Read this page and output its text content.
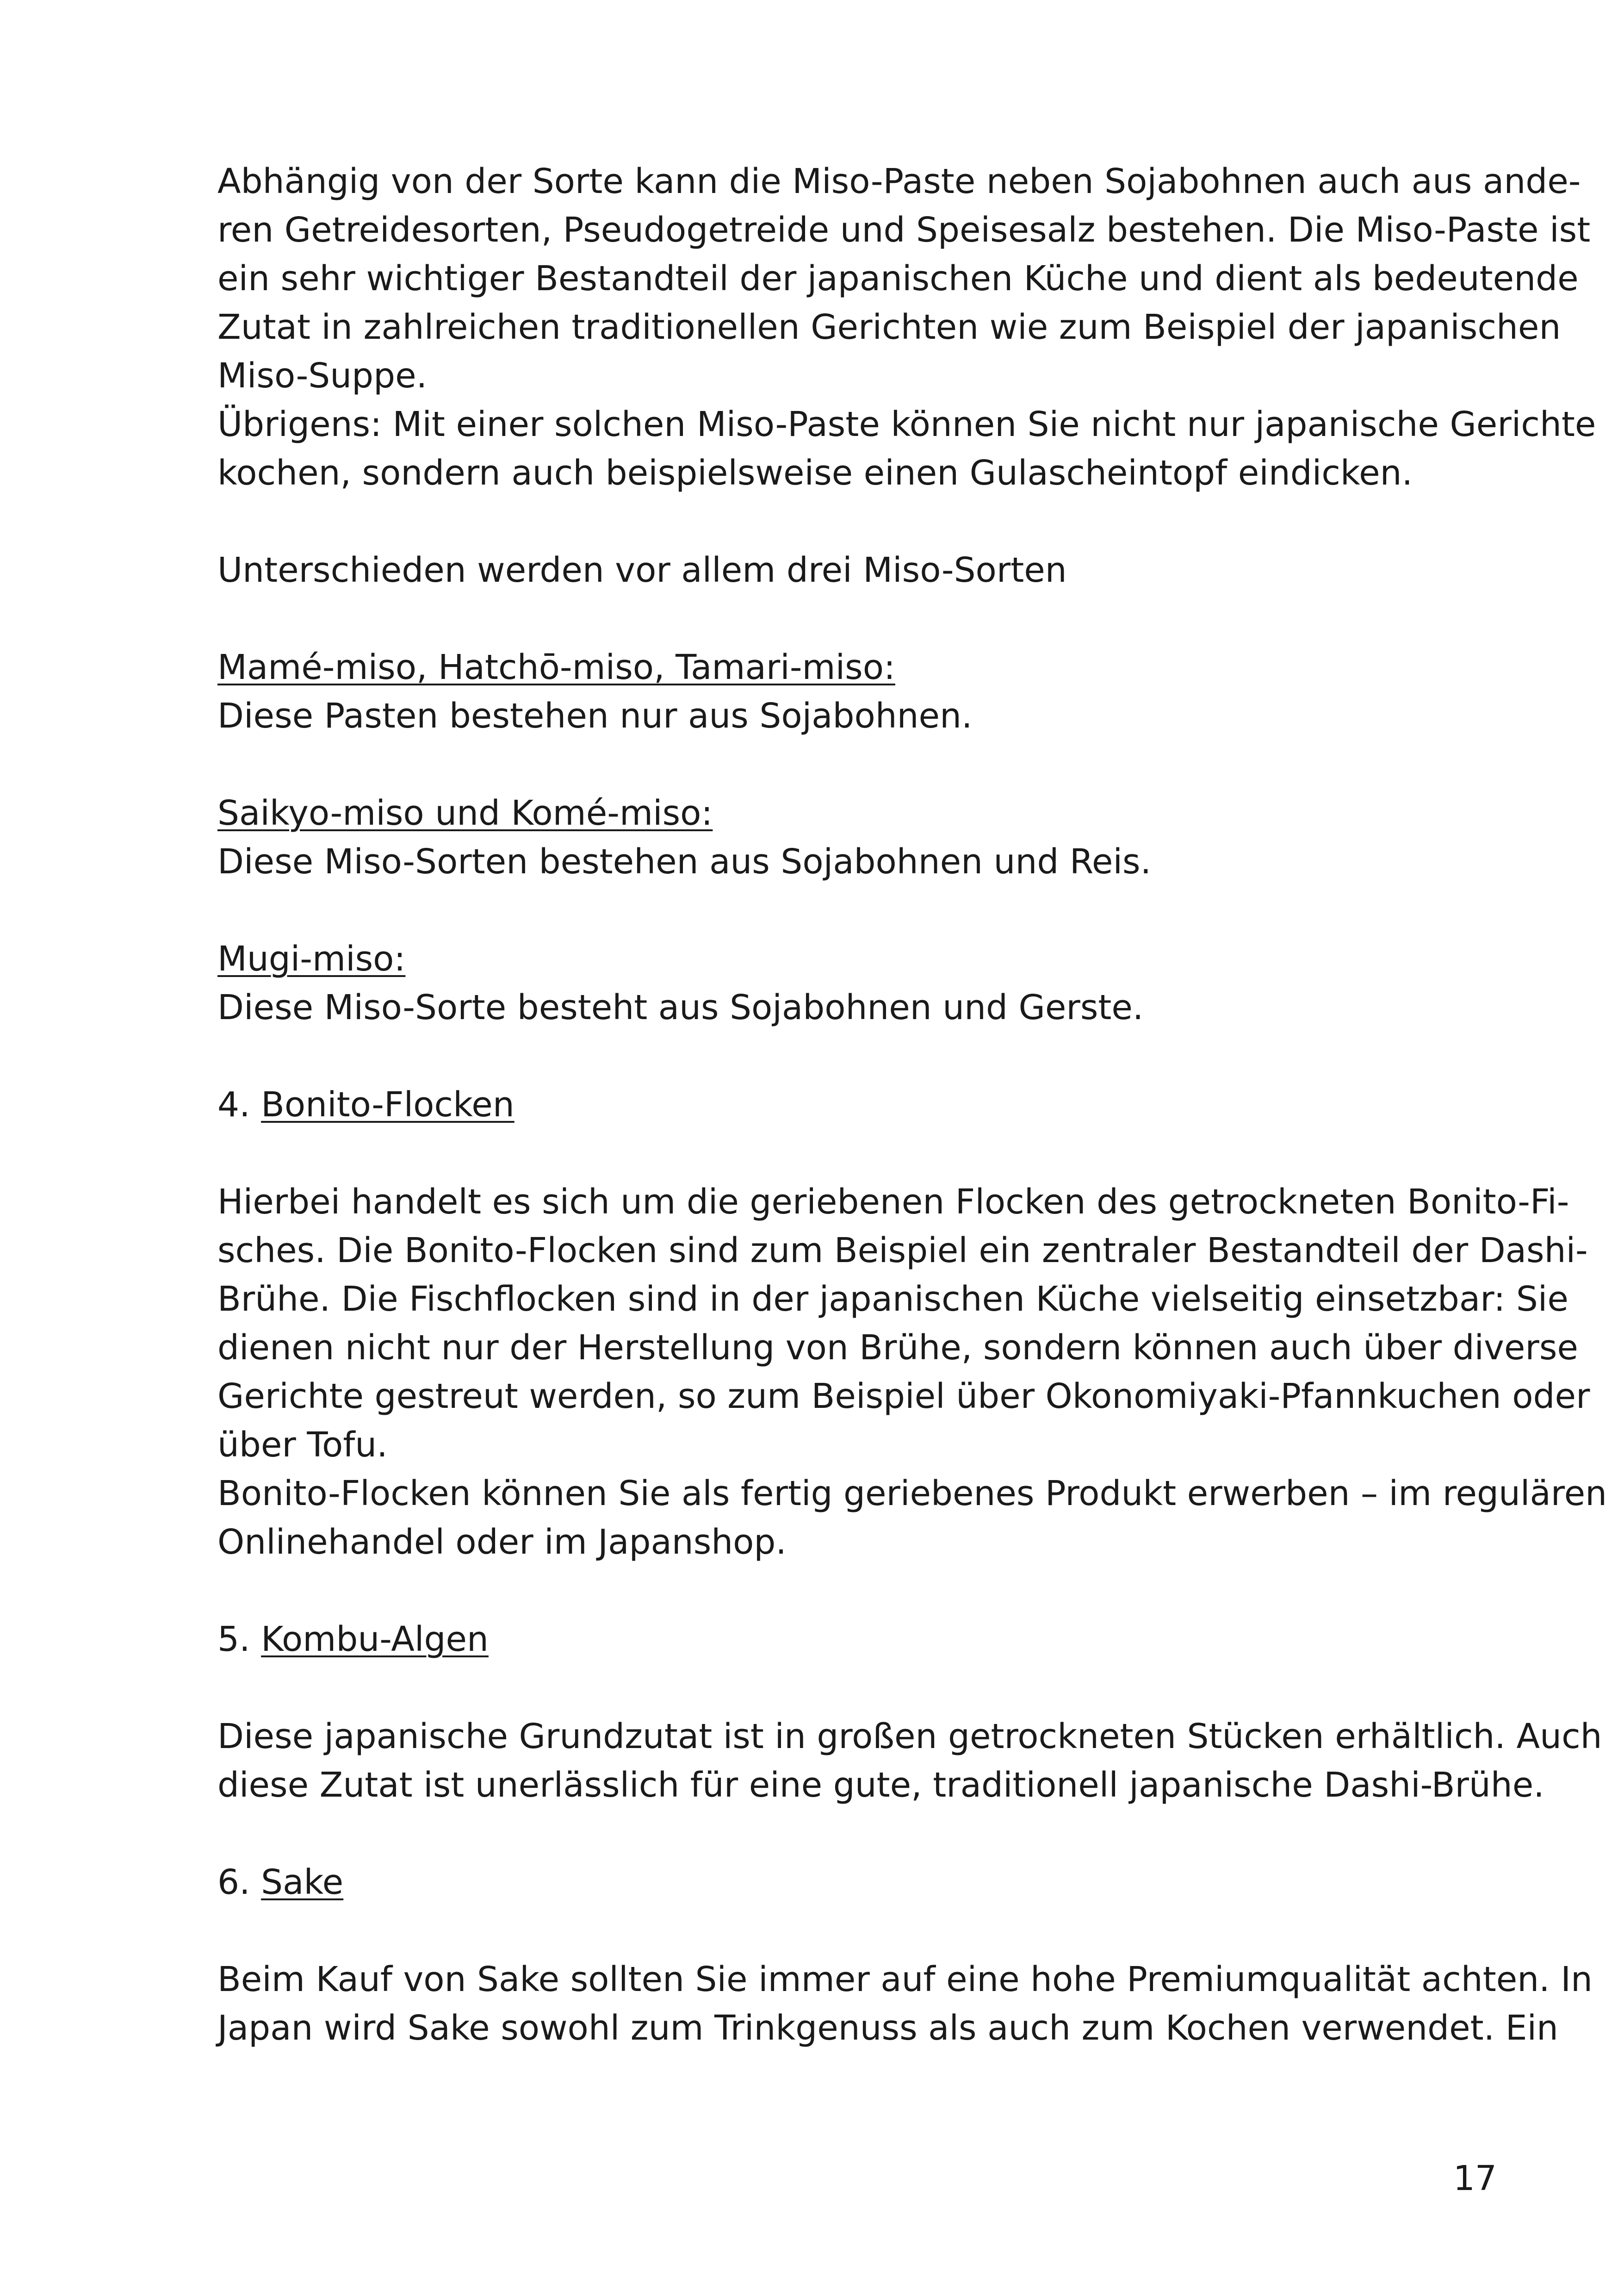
Abhängig von der Sorte kann die Miso-Paste neben Sojabohnen auch aus ande-
ren Getreidesorten, Pseudogetreide und Speisesalz bestehen. Die Miso-Paste ist
ein sehr wichtiger Bestandteil der japanischen Küche und dient als bedeutende
Zutat in zahlreichen traditionellen Gerichten wie zum Beispiel der japanischen
Miso-Suppe.
Übrigens: Mit einer solchen Miso-Paste können Sie nicht nur japanische Gerichte
kochen, sondern auch beispielsweise einen Gulascheintopf eindicken.
Unterschieden werden vor allem drei Miso-Sorten
Mamé-miso, Hatchō-miso, Tamari-miso:
Diese Pasten bestehen nur aus Sojabohnen.
Saikyo-miso und Komé-miso:
Diese Miso-Sorten bestehen aus Sojabohnen und Reis.
Mugi-miso:
Diese Miso-Sorte besteht aus Sojabohnen und Gerste.
4. Bonito-Flocken
Hierbei handelt es sich um die geriebenen Flocken des getrockneten Bonito-Fi-
sches. Die Bonito-Flocken sind zum Beispiel ein zentraler Bestandteil der Dashi-
Brühe. Die Fischflocken sind in der japanischen Küche vielseitig einsetzbar: Sie
dienen nicht nur der Herstellung von Brühe, sondern können auch über diverse
Gerichte gestreut werden, so zum Beispiel über Okonomiyaki-Pfannkuchen oder
über Tofu.
Bonito-Flocken können Sie als fertig geriebenes Produkt erwerben – im regulären
Onlinehandel oder im Japanshop.
5. Kombu-Algen
Diese japanische Grundzutat ist in großen getrockneten Stücken erhältlich. Auch
diese Zutat ist unerlässlich für eine gute, traditionell japanische Dashi-Brühe.
6. Sake
Beim Kauf von Sake sollten Sie immer auf eine hohe Premiumqualität achten. In
Japan wird Sake sowohl zum Trinkgenuss als auch zum Kochen verwendet. Ein
17
